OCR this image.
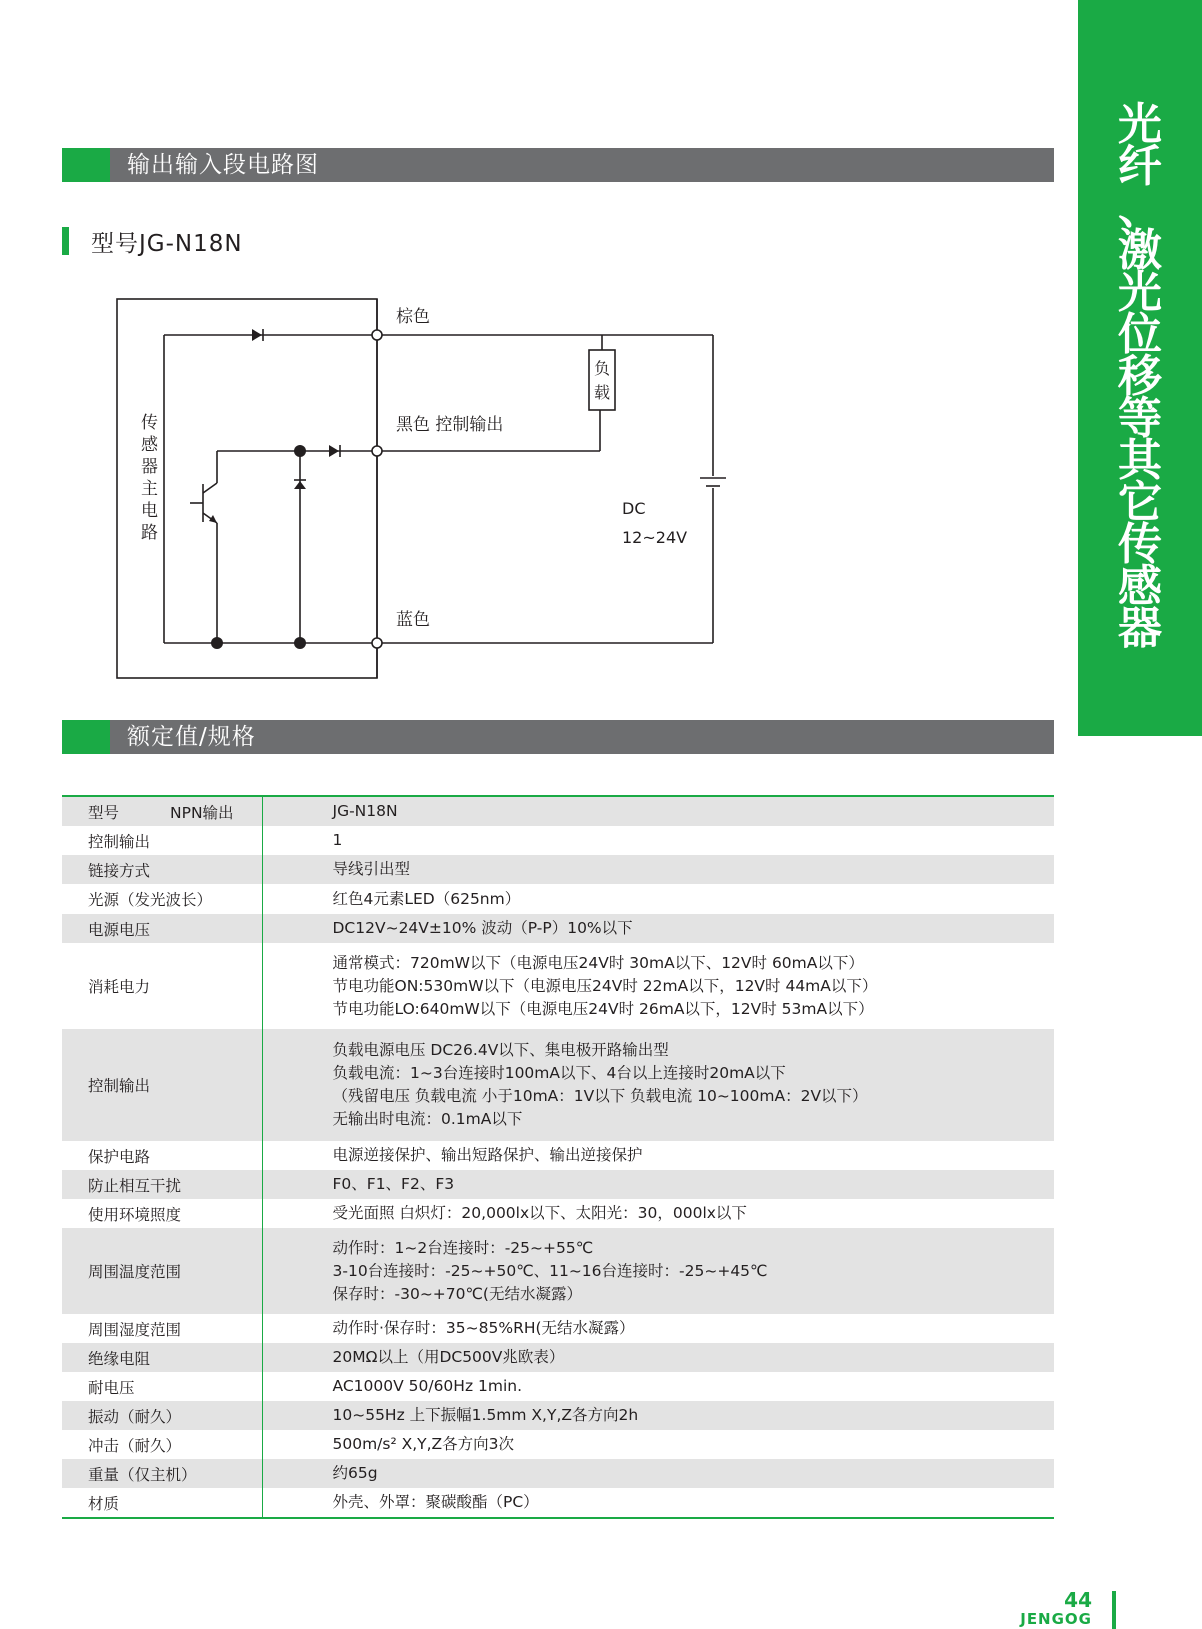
光
纤
、
激
光
位
移
等
其
它
传
感
器
输出输入段电路图
型号JG-N18N
传
感
器
主
电
路
棕色
黑色 控制输出
蓝色
负
载
DC
12~24V
额定值/规格
型号	NPN输出	JG-N18N
控制输出		1

链接方式		导线引出型

光源（发光波长）		红色4元素LED（625nm）

电源电压		DC12V~24V±10% 波动（P-P）10%以下

消耗电力		通常模式：720mW以下（电源电压24V时 30mA以下、12V时 60mA以下）
节电功能ON:530mW以下（电源电压24V时 22mA以下，12V时 44mA以下）
节电功能LO:640mW以下（电源电压24V时 26mA以下，12V时 53mA以下）

控制输出		负载电源电压 DC26.4V以下、集电极开路输出型
负载电流：1~3台连接时100mA以下、4台以上连接时20mA以下
（残留电压 负载电流 小于10mA：1V以下 负载电流 10~100mA：2V以下）
无输出时电流：0.1mA以下

保护电路		电源逆接保护、输出短路保护、输出逆接保护

防止相互干扰		F0、F1、F2、F3

使用环境照度		受光面照 白炽灯：20,000lx以下、太阳光：30，000lx以下

周围温度范围		动作时：1~2台连接时：-25~+55℃
3-10台连接时：-25~+50℃、11~16台连接时：-25~+45℃
保存时：-30~+70℃(无结水凝露）

周围湿度范围		动作时·保存时：35~85%RH(无结水凝露）

绝缘电阻		20MΩ以上（用DC500V兆欧表）

耐电压		AC1000V 50/60Hz 1min.

振动（耐久）		10~55Hz 上下振幅1.5mm X,Y,Z各方向2h

冲击（耐久）		500m/s² X,Y,Z各方向3次

重量（仅主机）		约65g

材质		外壳、外罩：聚碳酸酯（PC）
44
JENGOG
